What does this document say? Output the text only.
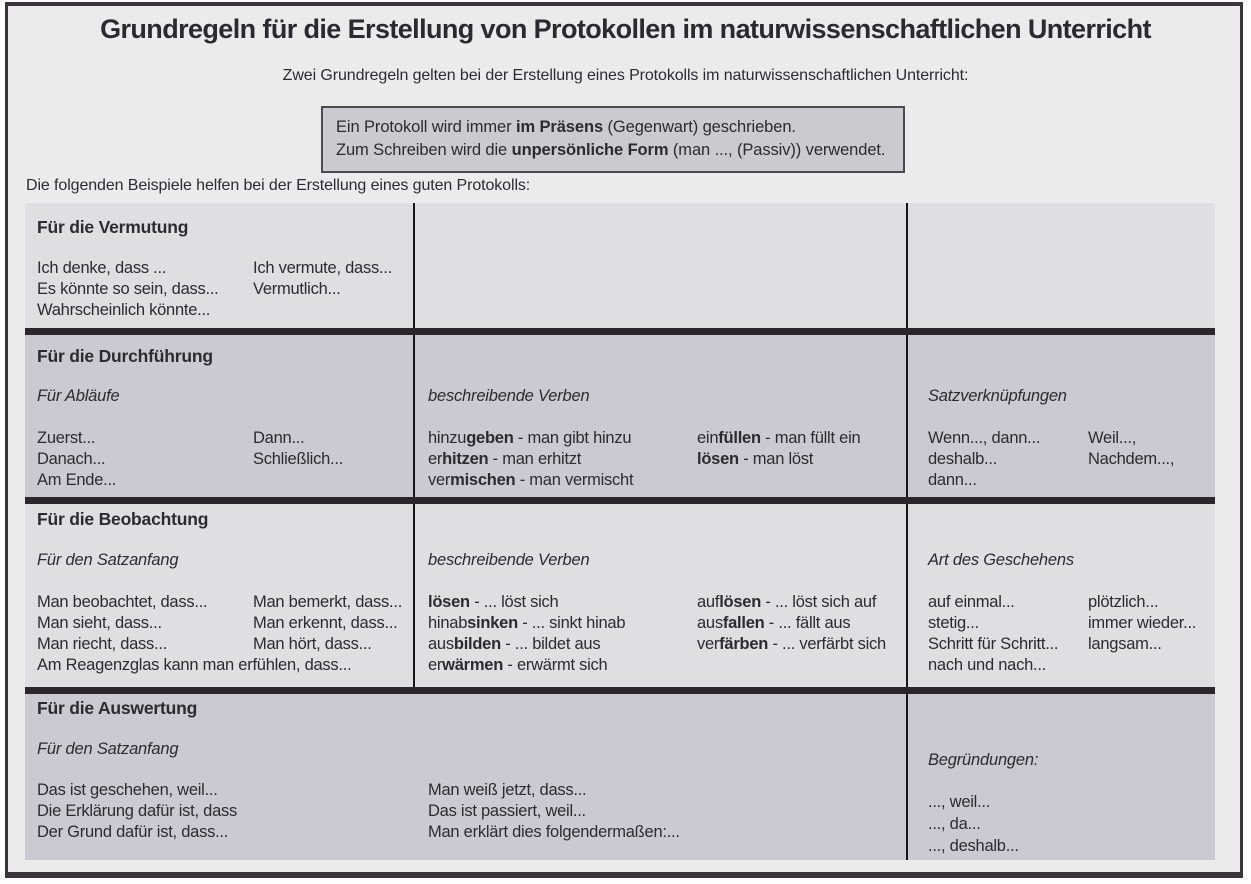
Grundregeln für die Erstellung von Protokollen im naturwissenschaftlichen Unterricht

Zwei Grundregeln gelten bei der Erstellung eines Protokolls im naturwissenschaftlichen Unterricht:

Ein Protokoll wird immer im Präsens (Gegenwart) geschrieben.
Zum Schreiben wird die unpersönliche Form (man ..., (Passiv)) verwendet.

Die folgenden Beispiele helfen bei der Erstellung eines guten Protokolls:

Für die Vermutung
Ich denke, dass ...
Es könnte so sein, dass...
Wahrscheinlich könnte...
Ich vermute, dass...
Vermutlich...
Für die Durchführung
Für Abläufe
Zuerst...
Danach...
Am Ende...
Dann...
Schließlich...
beschreibende Verben
hinzugeben - man gibt hinzu
erhitzen - man erhitzt
vermischen - man vermischt
einfüllen - man füllt ein
lösen - man löst
Satzverknüpfungen
Wenn..., dann...
deshalb...
dann...
Weil...,
Nachdem...,
Für die Beobachtung
Für den Satzanfang
Man beobachtet, dass...
Man sieht, dass...
Man riecht, dass...
Am Reagenzglas kann man erfühlen, dass...
Man bemerkt, dass...
Man erkennt, dass...
Man hört, dass...
beschreibende Verben
lösen - ... löst sich
hinabsinken - ... sinkt hinab
ausbilden - ... bildet aus
erwärmen - erwärmt sich
auflösen - ... löst sich auf
ausfallen - ... fällt aus
verfärben - ... verfärbt sich
Art des Geschehens
auf einmal...
stetig...
Schritt für Schritt...
nach und nach...
plötzlich...
immer wieder...
langsam...
Für die Auswertung
Für den Satzanfang
Das ist geschehen, weil...
Die Erklärung dafür ist, dass
Der Grund dafür ist, dass...
Man weiß jetzt, dass...
Das ist passiert, weil...
Man erklärt dies folgendermaßen:...
Begründungen:
..., weil...
..., da...
..., deshalb...
